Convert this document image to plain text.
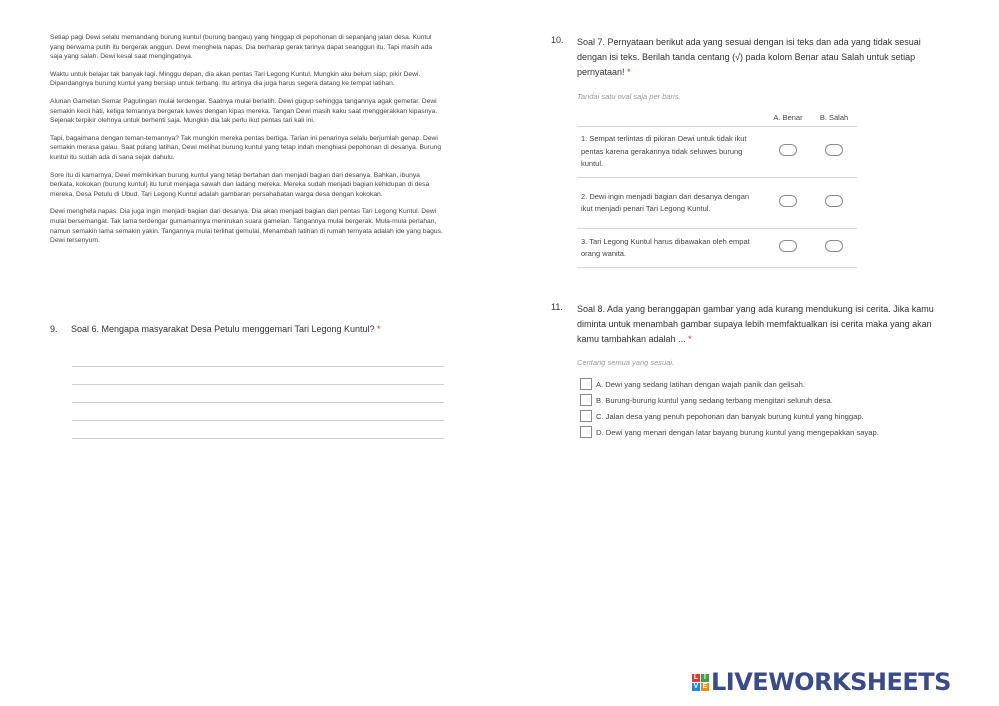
Setiap pagi Dewi selalu memandang burung kuntul (burung bangau) yang hinggap di pepohonan di sepanjang jalan desa. Kuntul yang berwarna putih itu bergerak anggun. Dewi menghela napas. Dia berharap gerak tarinya dapat seanggun itu. Tapi masih ada saja yang salah. Dewi kesal saat mengingatnya.

Waktu untuk belajar tak banyak lagi. Minggu depan, dia akan pentas Tari Legong Kuntul. Mungkin aku belum siap, pikir Dewi. Dipandangnya burung kuntul yang bersiap untuk terbang. Itu artinya dia juga harus segera datang ke tempat latihan.

Alunan Gamelan Semar Pagulingan mulai terdengar. Saatnya mulai berlatih. Dewi gugup sehingga tangannya agak gemetar. Dewi semakin kecil hati, ketiga temannya bergerak luwes dengan kipas mereka. Tangan Dewi masih kaku saat menggerakkan kipasnya. Sejenak terpikir olehnya untuk berhenti saja. Mungkin dia tak perlu ikut pentas tari kali ini.

Tapi, bagaimana dengan teman-temannya? Tak mungkin mereka pentas bertiga. Tarian ini penarinya selalu berjumlah genap. Dewi semakin merasa galau. Saat pulang latihan, Dewi melihat burung kuntul yang tetap indah menghiasi pepohonan di desanya. Burung kuntul itu sudah ada di sana sejak dahulu.

Sore itu di kamarnya, Dewi memikirkan burung kuntul yang tetap bertahan dan menjadi bagian dari desanya. Bahkan, ibunya berkata, kokokan (burung kuntul) itu turut menjaga sawah dan ladang mereka. Mereka sudah menjadi bagian kehidupan di desa mereka, Desa Petulu di Ubud. Tari Legong Kuntul adalah gambaran persahabatan warga desa dengan kokokan.

Dewi menghela napas. Dia juga ingin menjadi bagian dari desanya. Dia akan menjadi bagian dari pentas Tari Legong Kuntul. Dewi mulai bersemangat. Tak lama terdengar gumamannya menirukan suara gamelan. Tangannya mulai bergerak. Mula-mula perlahan, namun semakin lama semakin yakin. Tangannya mulai terlihat gemulai. Menambah latihan di rumah ternyata adalah ide yang bagus. Dewi tersenyum.

9. Soal 6. Mengapa masyarakat Desa Petulu menggemari Tari Legong Kuntul? *
10. Soal 7. Pernyataan berikut ada yang sesuai dengan isi teks dan ada yang tidak sesuai dengan isi teks. Berilah tanda centang (√) pada kolom Benar atau Salah untuk setiap pernyataan! *
Tandai satu oval saja per baris.
	A. Benar	B. Salah
1. Sempat terlintas di pikiran Dewi untuk tidak ikut pentas karena gerakannya tidak seluwes burung kuntul.		
2. Dewi ingin menjadi bagian dari desanya dengan ikut menjadi penari Tari Legong Kuntul.		
3. Tari Legong Kuntul harus dibawakan oleh empat orang wanita.		
11. Soal 8. Ada yang beranggapan gambar yang ada kurang mendukung isi cerita. Jika kamu diminta untuk menambah gambar supaya lebih memfaktualkan isi cerita maka yang akan kamu tambahkan adalah ... *
Centang semua yang sesuai.
A. Dewi yang sedang latihan dengan wajah panik dan gelisah.
B. Burung-burung kuntul yang sedang terbang mengitari seluruh desa.
C. Jalan desa yang penuh pepohonan dan banyak burung kuntul yang hinggap.
D. Dewi yang menari dengan latar bayang burung kuntul yang mengepakkan sayap.
L I
V E LIVEWORKSHEETS
